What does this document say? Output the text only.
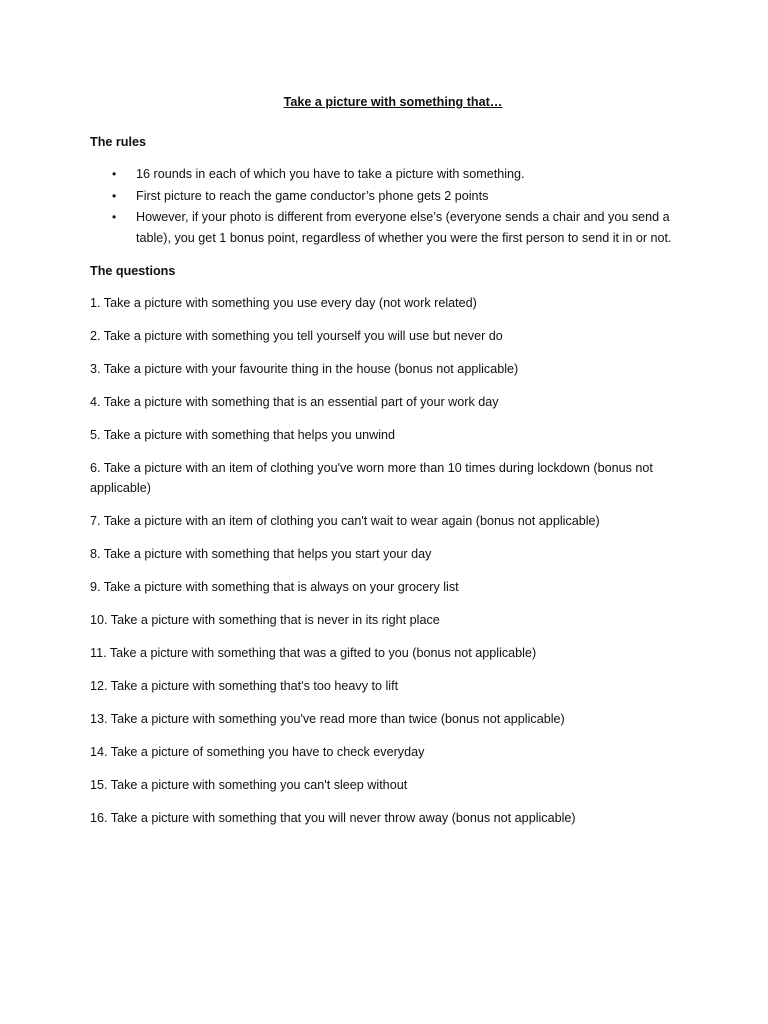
Take a picture with something that…
The rules
• 16 rounds in each of which you have to take a picture with something.
• First picture to reach the game conductor’s phone gets 2 points
• However, if your photo is different from everyone else’s (everyone sends a chair and you send a table), you get 1 bonus point, regardless of whether you were the first person to send it in or not.
The questions
1. Take a picture with something you use every day (not work related)
2. Take a picture with something you tell yourself you will use but never do
3. Take a picture with your favourite thing in the house (bonus not applicable)
4. Take a picture with something that is an essential part of your work day
5. Take a picture with something that helps you unwind
6. Take a picture with an item of clothing you've worn more than 10 times during lockdown (bonus not applicable)
7. Take a picture with an item of clothing you can't wait to wear again (bonus not applicable)
8. Take a picture with something that helps you start your day
9. Take a picture with something that is always on your grocery list
10. Take a picture with something that is never in its right place
11. Take a picture with something that was a gifted to you (bonus not applicable)
12. Take a picture with something that's too heavy to lift
13. Take a picture with something you've read more than twice (bonus not applicable)
14. Take a picture of something you have to check everyday
15. Take a picture with something you can't sleep without
16. Take a picture with something that you will never throw away (bonus not applicable)
